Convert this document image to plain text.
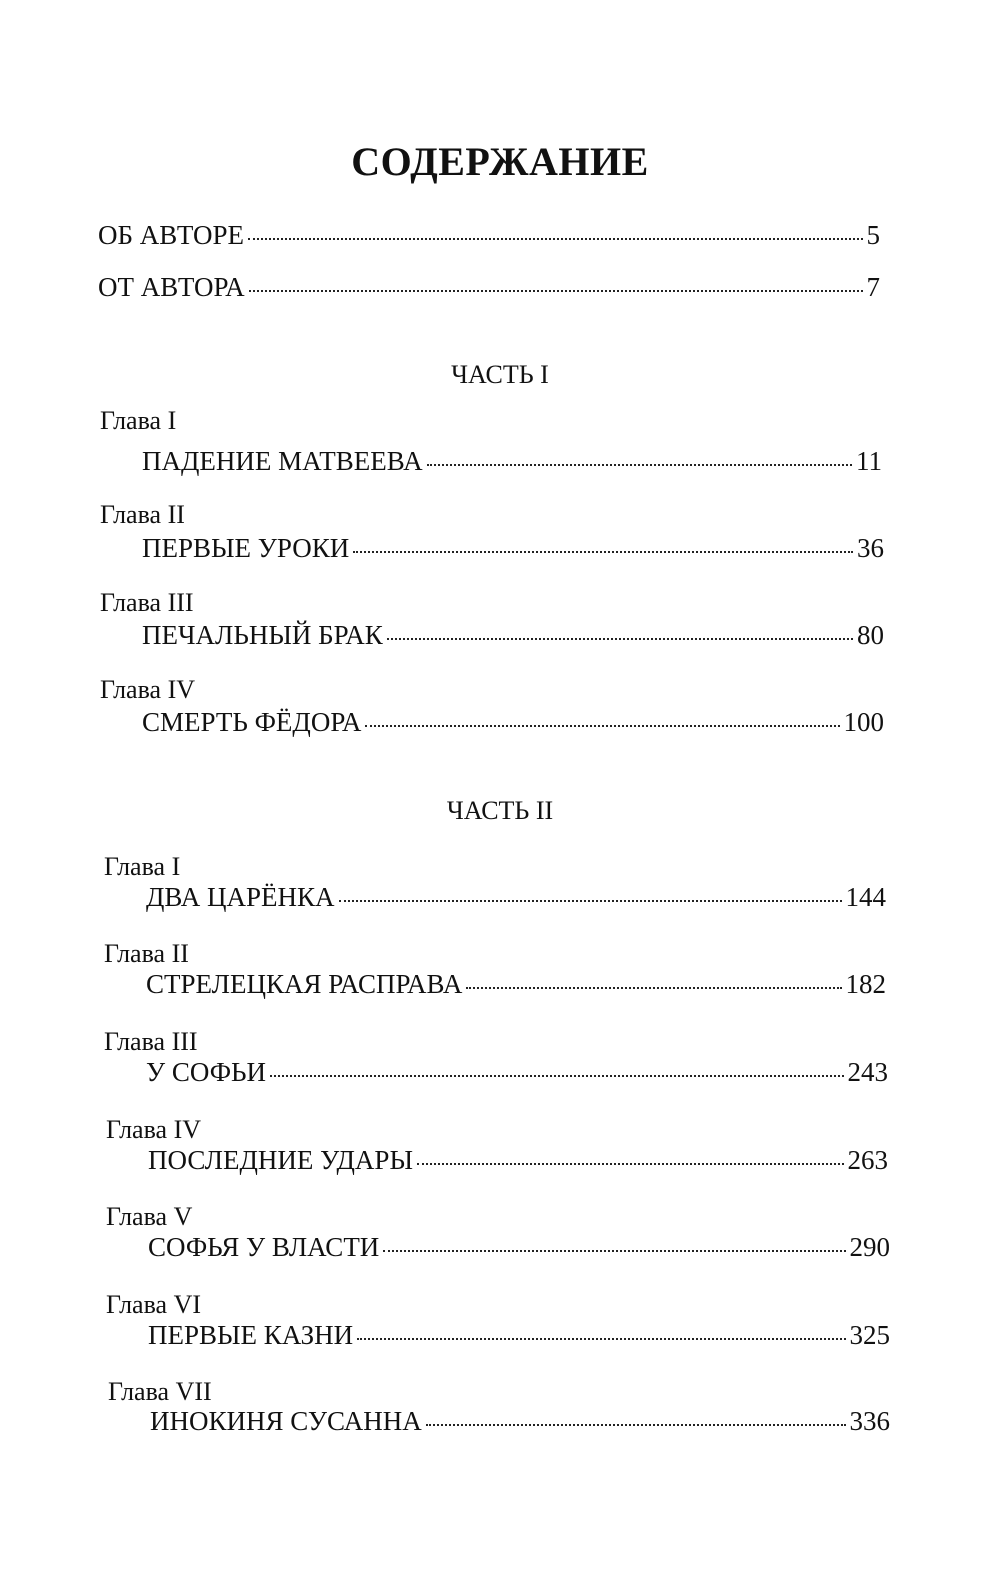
СОДЕРЖАНИЕ
ОБ АВТОРЕ	5
ОТ АВТОРА	7
ЧАСТЬ I
Глава I
ПАДЕНИЕ МАТВЕЕВА	11
Глава II
ПЕРВЫЕ УРОКИ	36
Глава III
ПЕЧАЛЬНЫЙ БРАК	80
Глава IV
СМЕРТЬ ФЁДОРА	100
ЧАСТЬ II
Глава I
ДВА ЦАРЁНКА	144
Глава II
СТРЕЛЕЦКАЯ РАСПРАВА	182
Глава III
У СОФЬИ	243
Глава IV
ПОСЛЕДНИЕ УДАРЫ	263
Глава V
СОФЬЯ У ВЛАСТИ	290
Глава VI
ПЕРВЫЕ КАЗНИ	325
Глава VII
ИНОКИНЯ СУСАННА	336
